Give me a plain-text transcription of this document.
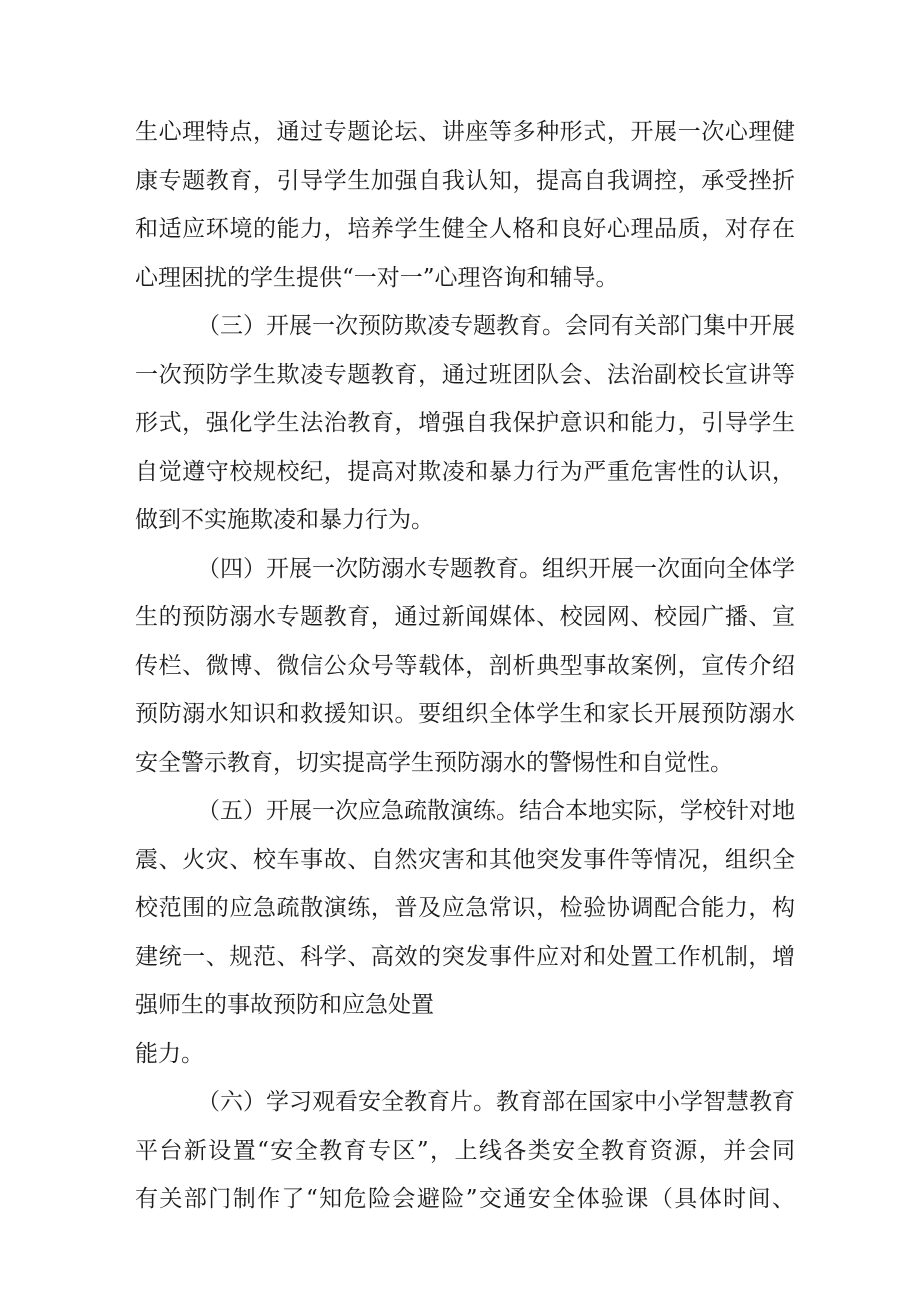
生心理特点，通过专题论坛、讲座等多种形式，开展一次心理健
康专题教育，引导学生加强自我认知，提高自我调控，承受挫折
和适应环境的能力，培养学生健全人格和良好心理品质，对存在
心理困扰的学生提供“一对一”心理咨询和辅导。
（三）开展一次预防欺凌专题教育。会同有关部门集中开展
一次预防学生欺凌专题教育，通过班团队会、法治副校长宣讲等
形式，强化学生法治教育，增强自我保护意识和能力，引导学生
自觉遵守校规校纪，提高对欺凌和暴力行为严重危害性的认识，
做到不实施欺凌和暴力行为。
（四）开展一次防溺水专题教育。组织开展一次面向全体学
生的预防溺水专题教育，通过新闻媒体、校园网、校园广播、宣
传栏、微博、微信公众号等载体，剖析典型事故案例，宣传介绍
预防溺水知识和救援知识。要组织全体学生和家长开展预防溺水
安全警示教育，切实提高学生预防溺水的警惕性和自觉性。
（五）开展一次应急疏散演练。结合本地实际，学校针对地
震、火灾、校车事故、自然灾害和其他突发事件等情况，组织全
校范围的应急疏散演练，普及应急常识，检验协调配合能力，构
建统一、规范、科学、高效的突发事件应对和处置工作机制，增
强师生的事故预防和应急处置
能力。
（六）学习观看安全教育片。教育部在国家中小学智慧教育
平台新设置“安全教育专区”，上线各类安全教育资源，并会同
有关部门制作了“知危险会避险”交通安全体验课（具体时间、
